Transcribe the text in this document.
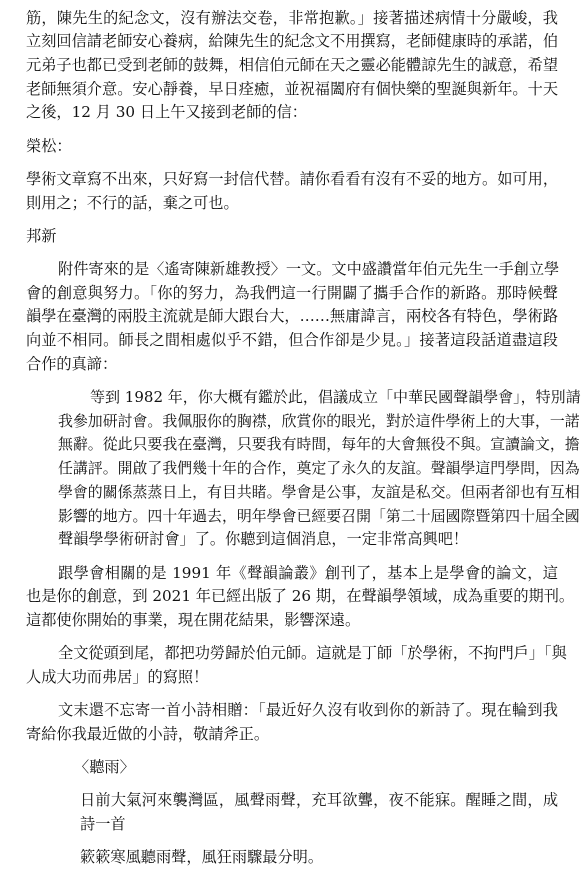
筋，陳先生的紀念文，沒有辦法交卷，非常抱歉。」接著描述病情十分嚴峻，我
立刻回信請老師安心養病，給陳先生的紀念文不用撰寫，老師健康時的承諾，伯
元弟子也都已受到老師的鼓舞，相信伯元師在天之靈必能體諒先生的誠意，希望
老師無須介意。安心靜養，早日痊癒，並祝福闔府有個快樂的聖誕與新年。十天
之後，12 月 30 日上午又接到老師的信：
榮松：
學術文章寫不出來，只好寫一封信代替。請你看看有沒有不妥的地方。如可用，
則用之；不行的話，棄之可也。
邦新
附件寄來的是〈遙寄陳新雄教授〉一文。文中盛讚當年伯元先生一手創立學
會的創意與努力。「你的努力，為我們這一行開闢了攜手合作的新路。那時候聲
韻學在臺灣的兩股主流就是師大跟台大，……無庸諱言，兩校各有特色，學術路
向並不相同。師長之間相處似乎不錯，但合作卻是少見。」接著這段話道盡這段
合作的真諦：
等到 1982 年，你大概有鑑於此，倡議成立「中華民國聲韻學會」，特別請
我參加研討會。我佩服你的胸襟，欣賞你的眼光，對於這件學術上的大事，一諾
無辭。從此只要我在臺灣，只要我有時間，每年的大會無役不與。宣讀論文，擔
任講評。開啟了我們幾十年的合作，奠定了永久的友誼。聲韻學這門學問，因為
學會的關係蒸蒸日上，有目共睹。學會是公事，友誼是私交。但兩者卻也有互相
影響的地方。四十年過去，明年學會已經要召開「第二十屆國際暨第四十屆全國
聲韻學學術研討會」了。你聽到這個消息，一定非常高興吧！
跟學會相關的是 1991 年《聲韻論叢》創刊了，基本上是學會的論文，這
也是你的創意，到 2021 年已經出版了 26 期，在聲韻學領域，成為重要的期刊。
這都使你開始的事業，現在開花結果，影響深遠。
全文從頭到尾，都把功勞歸於伯元師。這就是丁師「於學術，不拘門戶」「與
人成大功而弗居」的寫照！
文末還不忘寄一首小詩相贈：「最近好久沒有收到你的新詩了。現在輪到我
寄給你我最近做的小詩，敬請斧正。
〈聽雨〉
日前大氣河來襲灣區，風聲雨聲，充耳欲聾，夜不能寐。醒睡之間，成
詩一首
簌簌寒風聽雨聲，風狂雨驟最分明。
